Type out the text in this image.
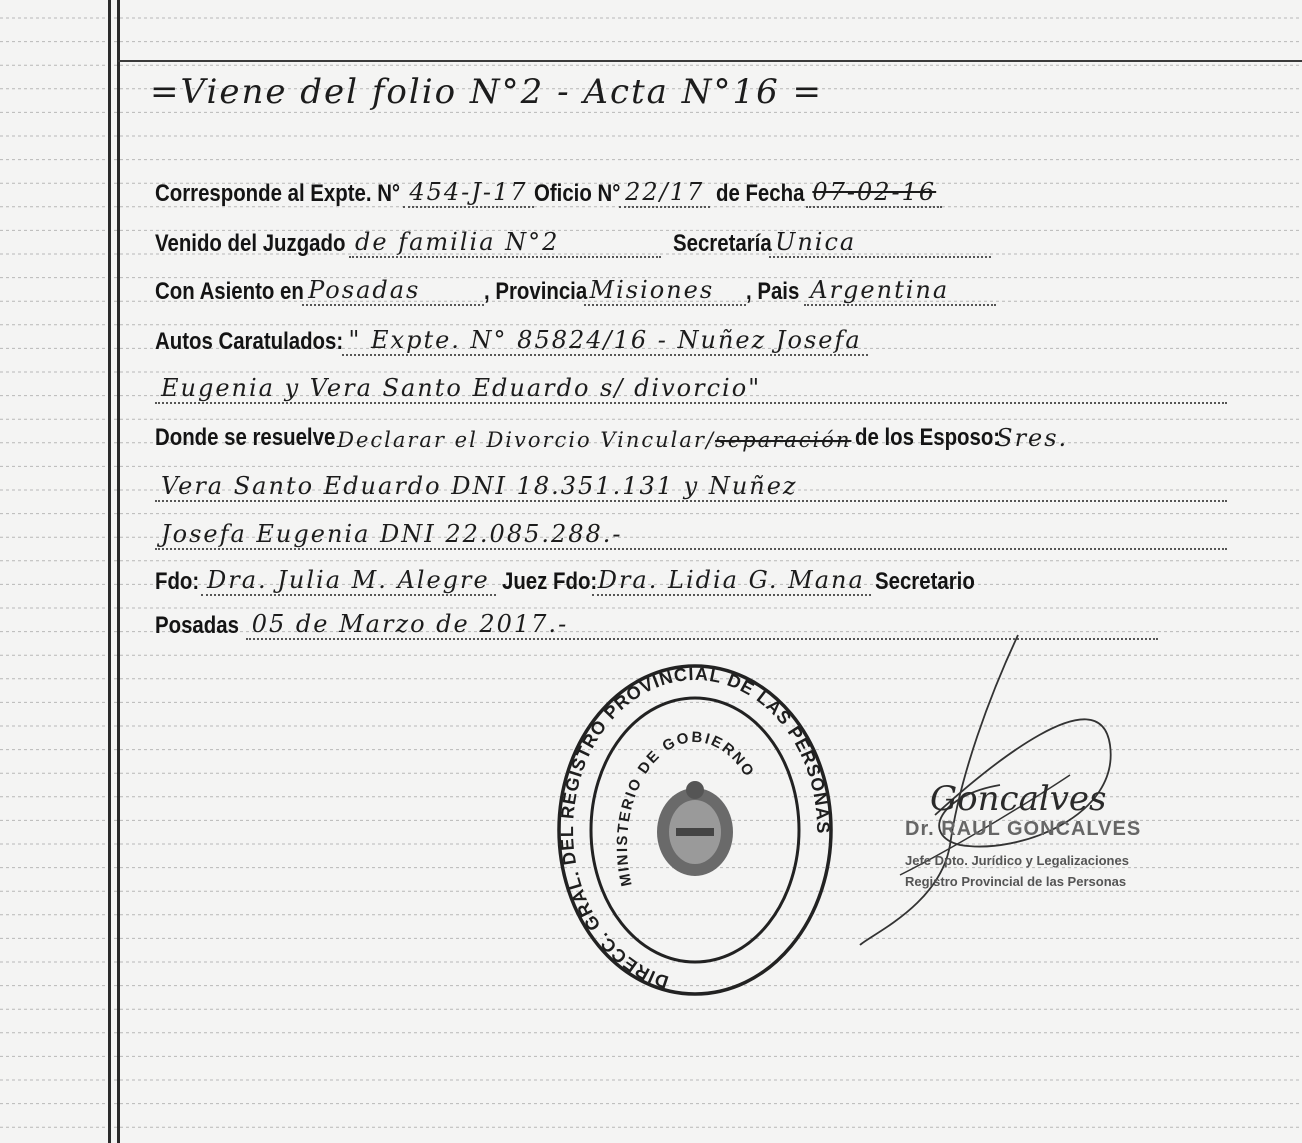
=Viene del folio N°2 - Acta N°16 =
Corresponde al Expte. N° 454-J-17 Oficio N° 22/17 de Fecha 07-02-16
Venido del Juzgado de familia N°2	Secretaría Unica
Con Asiento en Posadas	, Provincia Misiones	, Pais Argentina
Autos Caratulados: " Expte. N° 85824/16 - Nuñez Josefa
Eugenia y Vera Santo Eduardo s/ divorcio"
Donde se resuelve Declarar el Divorcio Vincular/ separación de los Esposo:
Sres.
Vera Santo Eduardo DNI 18.351.131 y Nuñez
Josefa Eugenia DNI 22.085.288.-
Fdo: Dra. Julia M. Alegre Juez Fdo: Dra. Lidia G. Mana Secretario
Posadas 05 de Marzo de 2017.-
DIRECC. GRAL. DEL REGISTRO PROVINCIAL DE LAS PERSONAS
MINISTERIO DE GOBIERNO
Goncalves
Dr. RAUL GONCALVES
Jefe Dpto. Jurídico y Legalizaciones
Registro Provincial de las Personas
